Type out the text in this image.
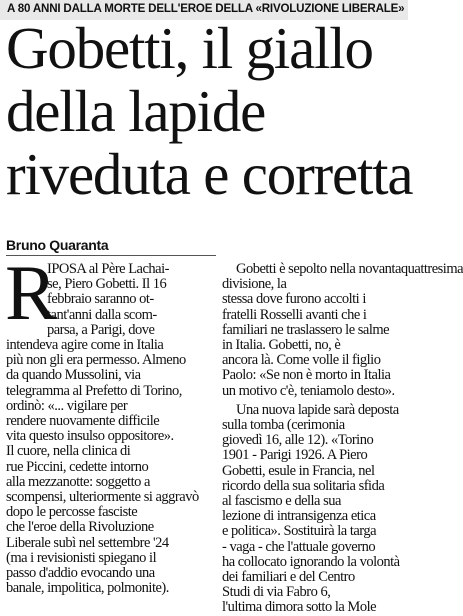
A 80 ANNI DALLA MORTE DELL'EROE DELLA «RIVOLUZIONE LIBERALE»
Gobetti, il giallo
della lapide
riveduta e corretta
Bruno Quaranta
R
IPOSA al Père Lachai-
se, Piero Gobetti. Il 16
febbraio saranno ot-
tant'anni dalla scom-
parsa, a Parigi, dove
intendeva agire come in Italia
più non gli era permesso. Almeno
da quando Mussolini, via
telegramma al Prefetto di Torino,
ordinò: «... vigilare per
rendere nuovamente difficile
vita questo insulso oppositore».
Il cuore, nella clinica di
rue Piccini, cedette intorno
alla mezzanotte: soggetto a
scompensi, ulteriormente si aggravò
dopo le percosse fasciste
che l'eroe della Rivoluzione
Liberale subì nel settembre '24
(ma i revisionisti spiegano il
passo d'addio evocando una
banale, impolitica, polmonite).
Gobetti è sepolto nella novantaquattresima
divisione, la
stessa dove furono accolti i
fratelli Rosselli avanti che i
familiari ne traslassero le salme
in Italia. Gobetti, no, è
ancora là. Come volle il figlio
Paolo: «Se non è morto in Italia
un motivo c'è, teniamolo desto».
Una nuova lapide sarà deposta
sulla tomba (cerimonia
giovedì 16, alle 12). «Torino
1901 - Parigi 1926. A Piero
Gobetti, esule in Francia, nel
ricordo della sua solitaria sfida
al fascismo e della sua
lezione di intransigenza etica
e politica». Sostituirà la targa
- vaga - che l'attuale governo
ha collocato ignorando la volontà
dei familiari e del Centro
Studi di via Fabro 6,
l'ultima dimora sotto la Mole
